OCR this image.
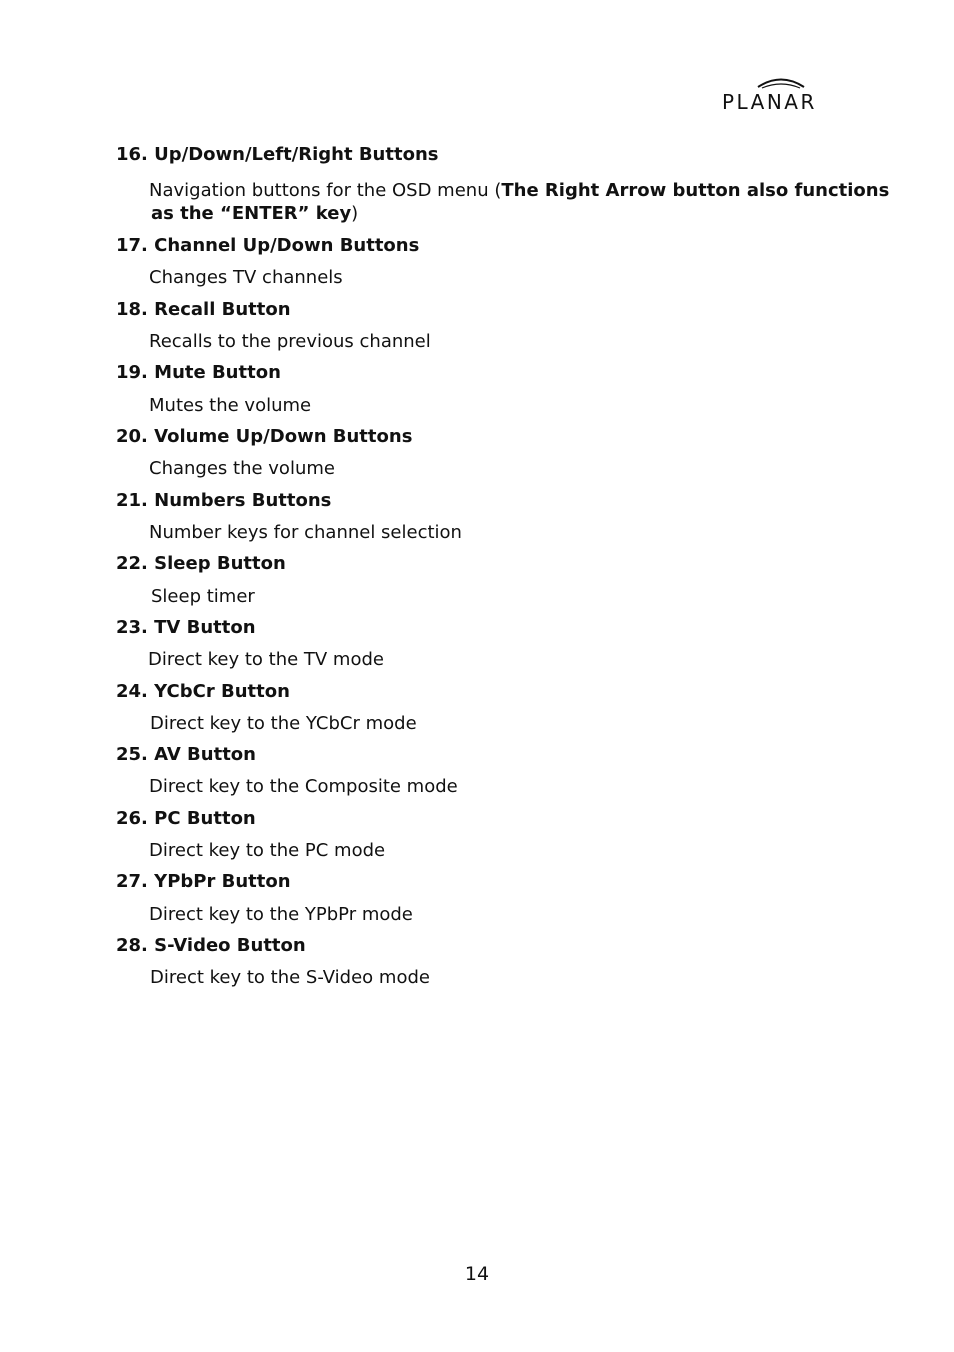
PLANAR
16. Up/Down/Left/Right Buttons
Navigation buttons for the OSD menu (The Right Arrow button also functions
as the “ENTER” key)
17. Channel Up/Down Buttons
Changes TV channels
18. Recall Button
Recalls to the previous channel
19. Mute Button
Mutes the volume
20. Volume Up/Down Buttons
Changes the volume
21. Numbers Buttons
Number keys for channel selection
22. Sleep Button
Sleep timer
23. TV Button
Direct key to the TV mode
24. YCbCr Button
Direct key to the YCbCr mode
25. AV Button
Direct key to the Composite mode
26. PC Button
Direct key to the PC mode
27. YPbPr Button
Direct key to the YPbPr mode
28. S-Video Button
Direct key to the S-Video mode
14
